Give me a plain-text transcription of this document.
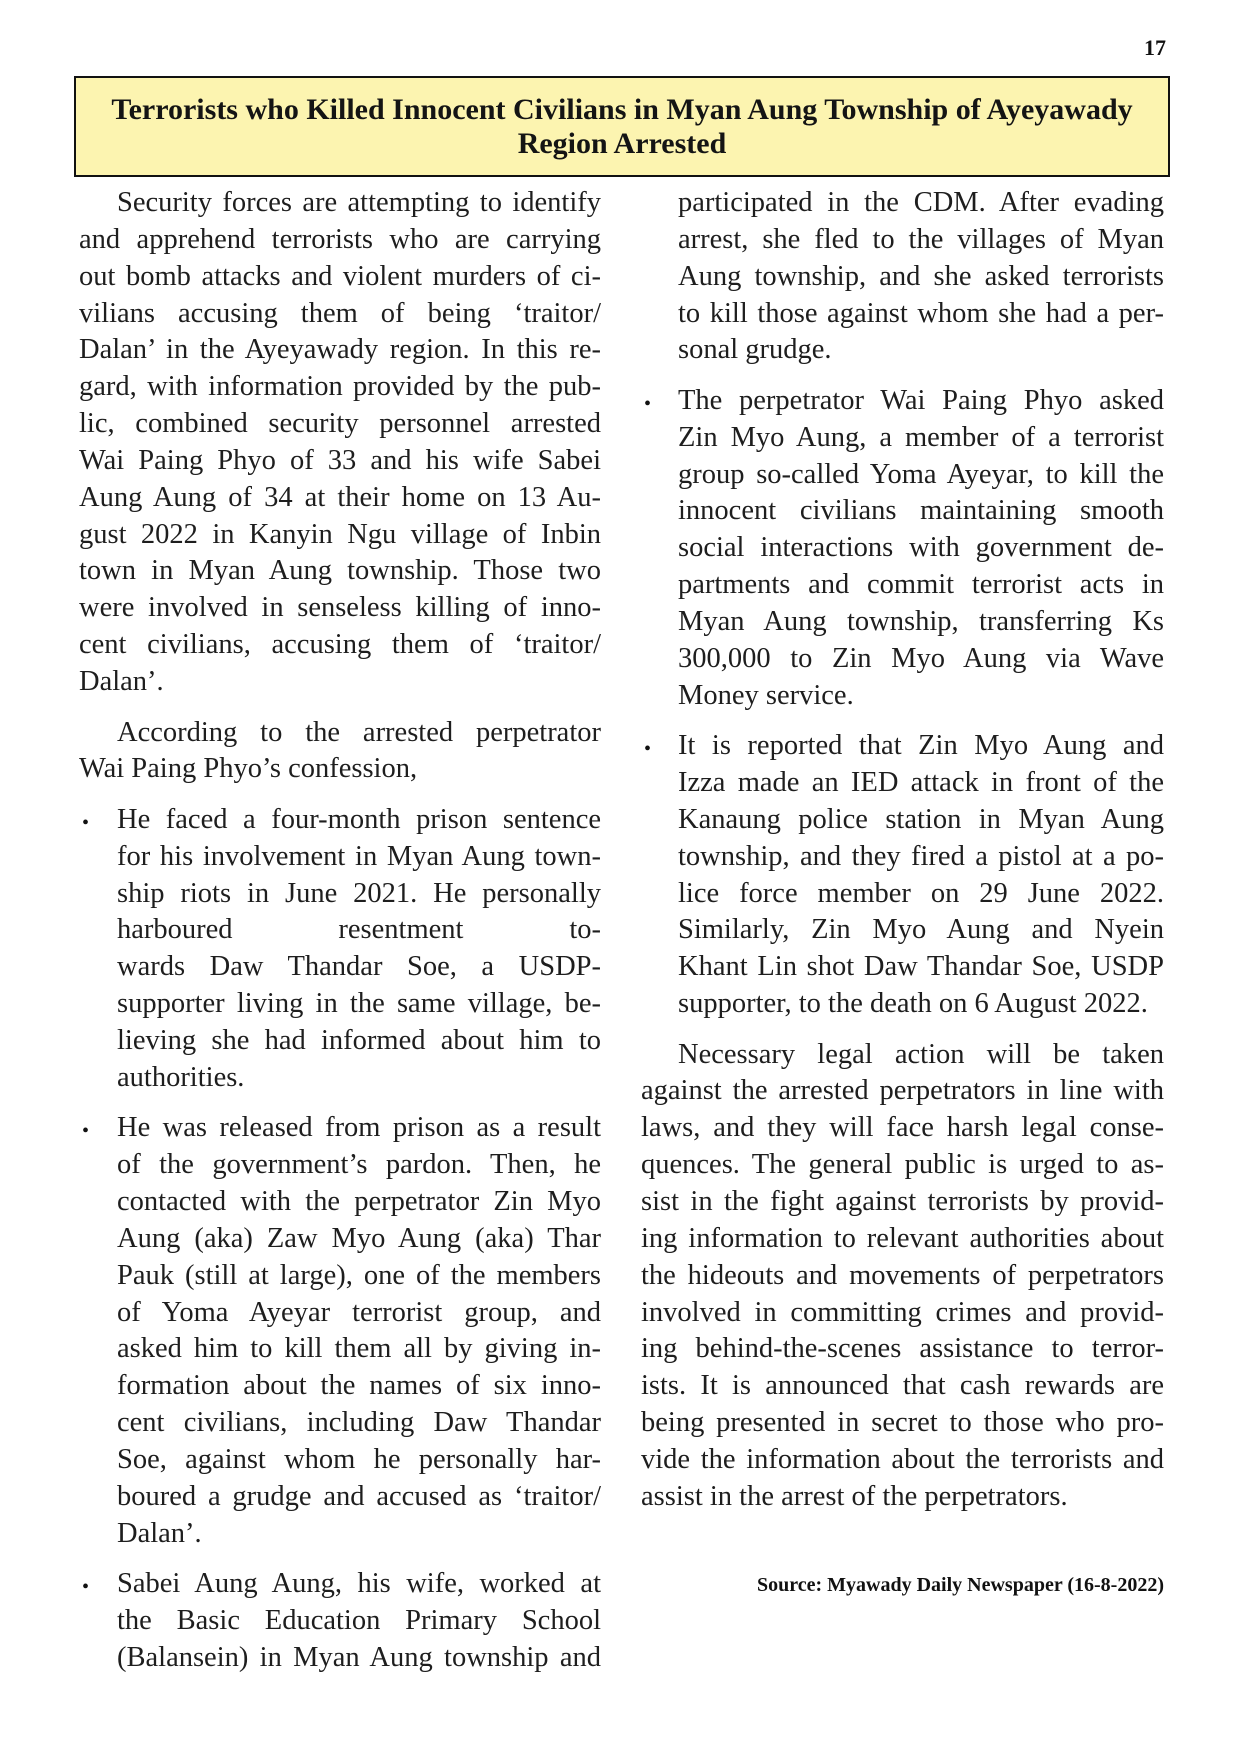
17
Terrorists who Killed Innocent Civilians in Myan Aung Township of Ayeyawady Region Arrested
Security forces are attempting to identify
and apprehend terrorists who are carrying
out bomb attacks and violent murders of ci-
vilians accusing them of being ‘traitor/
Dalan’ in the Ayeyawady region. In this re-
gard, with information provided by the pub-
lic, combined security personnel arrested
Wai Paing Phyo of 33 and his wife Sabei
Aung Aung of 34 at their home on 13 Au-
gust 2022 in Kanyin Ngu village of Inbin
town in Myan Aung township. Those two
were involved in senseless killing of inno-
cent civilians, accusing them of ‘traitor/
Dalan’.
According to the arrested perpetrator
Wai Paing Phyo’s confession,
• He faced a four-month prison sentence
for his involvement in Myan Aung town-
ship riots in June 2021. He personally
harboured resentment to-
wards Daw Thandar Soe, a USDP-
supporter living in the same village, be-
lieving she had informed about him to
authorities.
• He was released from prison as a result
of the government’s pardon. Then, he
contacted with the perpetrator Zin Myo
Aung (aka) Zaw Myo Aung (aka) Thar
Pauk (still at large), one of the members
of Yoma Ayeyar terrorist group, and
asked him to kill them all by giving in-
formation about the names of six inno-
cent civilians, including Daw Thandar
Soe, against whom he personally har-
boured a grudge and accused as ‘traitor/
Dalan’.
• Sabei Aung Aung, his wife, worked at
the Basic Education Primary School
(Balansein) in Myan Aung township and
participated in the CDM. After evading
arrest, she fled to the villages of Myan
Aung township, and she asked terrorists
to kill those against whom she had a per-
sonal grudge.
• The perpetrator Wai Paing Phyo asked
Zin Myo Aung, a member of a terrorist
group so-called Yoma Ayeyar, to kill the
innocent civilians maintaining smooth
social interactions with government de-
partments and commit terrorist acts in
Myan Aung township, transferring Ks
300,000 to Zin Myo Aung via Wave
Money service.
• It is reported that Zin Myo Aung and
Izza made an IED attack in front of the
Kanaung police station in Myan Aung
township, and they fired a pistol at a po-
lice force member on 29 June 2022.
Similarly, Zin Myo Aung and Nyein
Khant Lin shot Daw Thandar Soe, USDP
supporter, to the death on 6 August 2022.
Necessary legal action will be taken
against the arrested perpetrators in line with
laws, and they will face harsh legal conse-
quences. The general public is urged to as-
sist in the fight against terrorists by provid-
ing information to relevant authorities about
the hideouts and movements of perpetrators
involved in committing crimes and provid-
ing behind-the-scenes assistance to terror-
ists. It is announced that cash rewards are
being presented in secret to those who pro-
vide the information about the terrorists and
assist in the arrest of the perpetrators.
Source: Myawady Daily Newspaper (16-8-2022)
